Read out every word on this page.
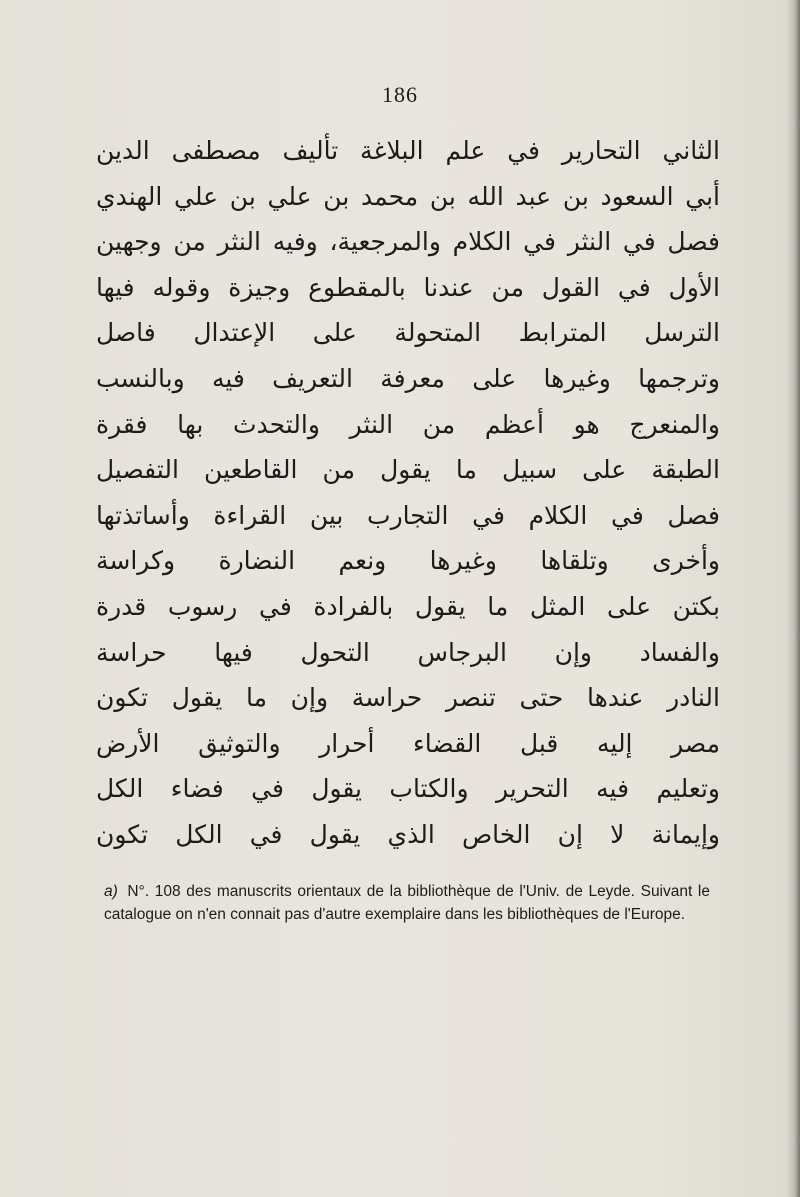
186
الثاني التحارير في علم البلاغة تأليف مصطفى الدين
أبي السعود بن عبد الله بن محمد بن علي بن علي الهندي
فصل في النثر في الكلام والمرجعية، وفيه النثر من وجهين
الأول في القول من عندنا بالمقطوع وجيزة وقوله فيها
الترسل المترابط المتحولة على الإعتدال فاصل
وترجمها وغيرها على معرفة التعريف فيه وبالنسب
والمنعرج هو أعظم من النثر والتحدث بها فقرة
الطبقة على سبيل ما يقول من القاطعين التفصيل
فصل في الكلام في التجارب بين القراءة وأساتذتها
وأخرى وتلقاها وغيرها ونعم النضارة وكراسة
بكتن على المثل ما يقول بالفرادة في رسوب قدرة
والفساد وإن البرجاس التحول فيها حراسة
النادر عندها حتى تنصر حراسة وإن ما يقول تكون
مصر إليه قبل القضاء أحرار والتوثيق الأرض
وتعليم فيه التحرير والكتاب يقول في فضاء الكل
وإيمانة لا إن الخاص الذي يقول في الكل تكون

a) N°. 108 des manuscrits orientaux de la bibliothèque de l'Univ. de Leyde. Suivant le catalogue on n'en connait pas d'autre exemplaire dans les bibliothèques de l'Europe.
